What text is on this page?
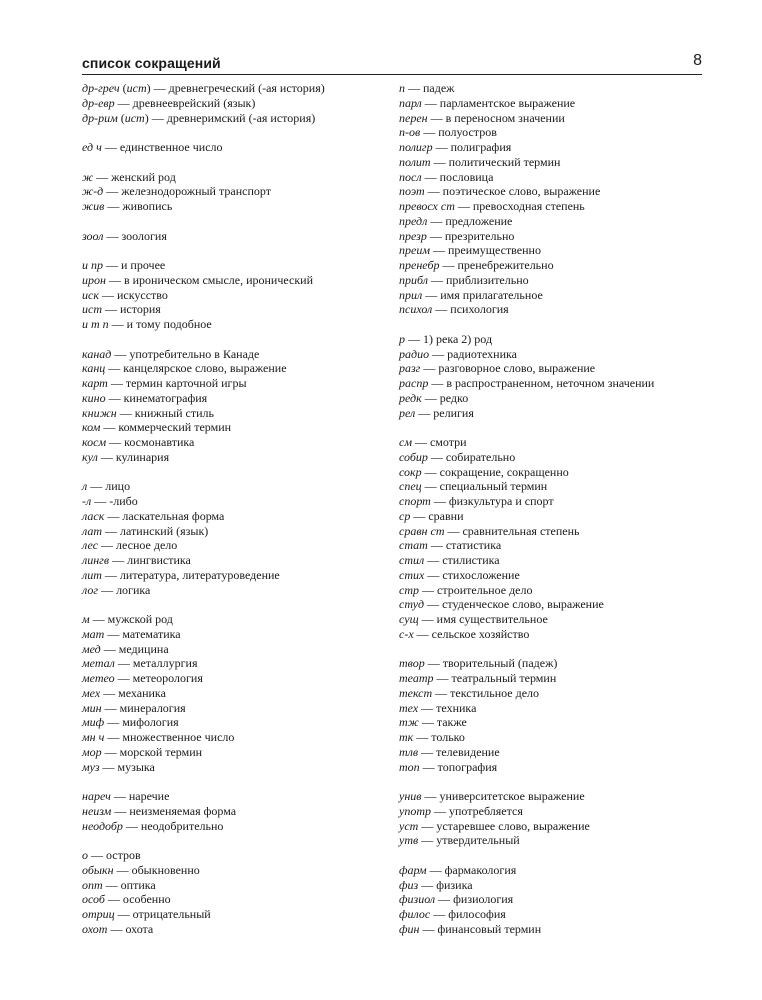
список сокращений	8
др-греч (ист) — древнегреческий (-ая история)
др-евр — древнееврейский (язык)
др-рим (ист) — древнеримский (-ая история)
ед ч — единственное число
ж — женский род
ж-д — железнодорожный транспорт
жив — живопись
зоол — зоология
и пр — и прочее
ирон — в ироническом смысле, иронический
иск — искусство
ист — история
и т п — и тому подобное
канад — употребительно в Канаде
канц — канцелярское слово, выражение
карт — термин карточной игры
кино — кинематография
книжн — книжный стиль
ком — коммерческий термин
косм — космонавтика
кул — кулинария
л — лицо
-л — -либо
ласк — ласкательная форма
лат — латинский (язык)
лес — лесное дело
лингв — лингвистика
лит — литература, литературоведение
лог — логика
м — мужской род
мат — математика
мед — медицина
метал — металлургия
метео — метеорология
мех — механика
мин — минералогия
миф — мифология
мн ч — множественное число
мор — морской термин
муз — музыка
нареч — наречие
неизм — неизменяемая форма
неодобр — неодобрительно
о — остров
обыкн — обыкновенно
опт — оптика
особ — особенно
отриц — отрицательный
охот — охота
п — падеж
парл — парламентское выражение
перен — в переносном значении
п-ов — полуостров
полигр — полиграфия
полит — политический термин
посл — пословица
поэт — поэтическое слово, выражение
превосх ст — превосходная степень
предл — предложение
презр — презрительно
преим — преимущественно
пренебр — пренебрежительно
прибл — приблизительно
прил — имя прилагательное
психол — психология
р — 1) река 2) род
радио — радиотехника
разг — разговорное слово, выражение
распр — в распространенном, неточном значении
редк — редко
рел — религия
см — смотри
собир — собирательно
сокр — сокращение, сокращенно
спец — специальный термин
спорт — физкультура и спорт
ср — сравни
сравн ст — сравнительная степень
стат — статистика
стил — стилистика
стих — стихосложение
стр — строительное дело
студ — студенческое слово, выражение
сущ — имя существительное
с-х — сельское хозяйство
твор — творительный (падеж)
театр — театральный термин
текст — текстильное дело
тех — техника
тж — также
тк — только
тлв — телевидение
топ — топография
унив — университетское выражение
употр — употребляется
уст — устаревшее слово, выражение
утв — утвердительный
фарм — фармакология
физ — физика
физиол — физиология
филос — философия
фин — финансовый термин
